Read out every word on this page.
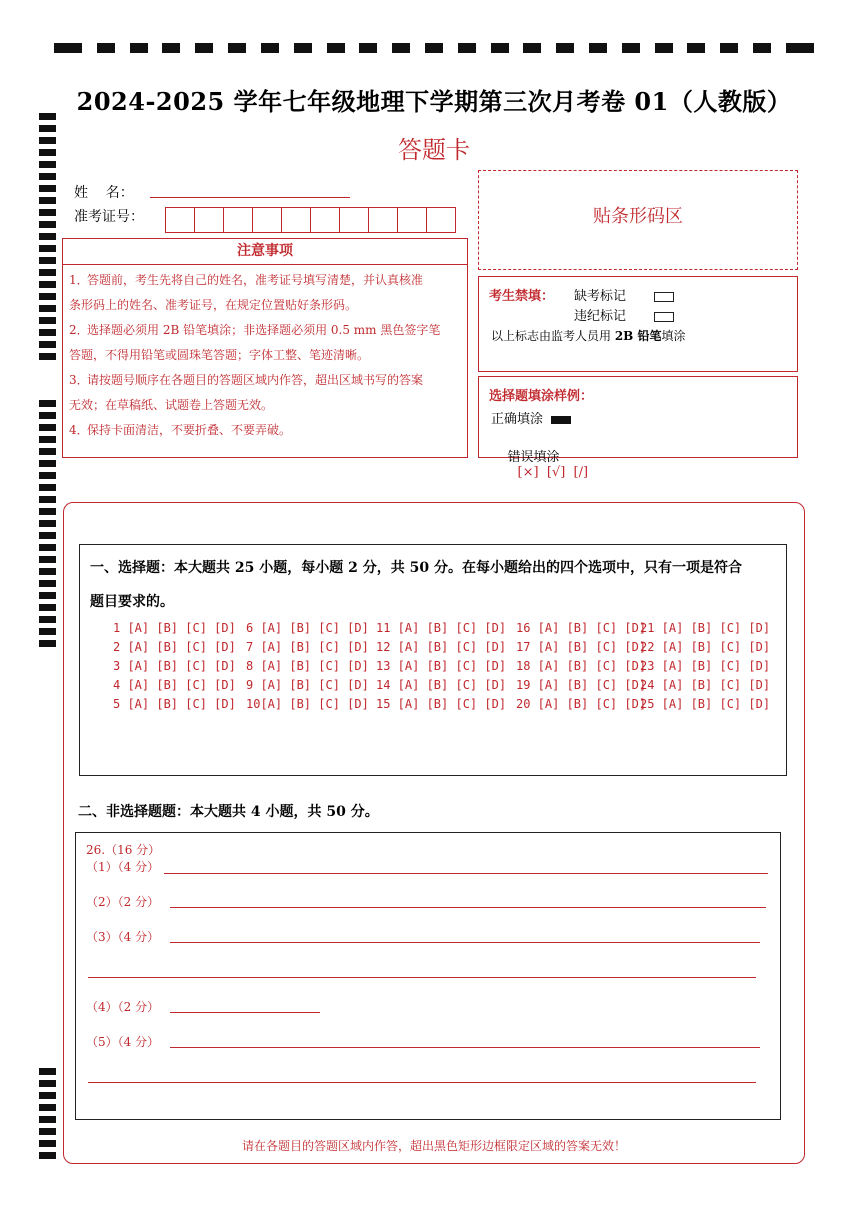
2024-2025 学年七年级地理下学期第三次月考卷 01（人教版）
答题卡
姓    名：
准考证号：
注意事项
1．答题前，考生先将自己的姓名，准考证号填写清楚，并认真核准
条形码上的姓名、准考证号，在规定位置贴好条形码。
2．选择题必须用 2B 铅笔填涂；非选择题必须用 0.5 mm 黑色签字笔
答题，不得用铅笔或圆珠笔答题；字体工整、笔迹清晰。
3．请按题号顺序在各题目的答题区域内作答，超出区域书写的答案
无效；在草稿纸、试题卷上答题无效。
4．保持卡面清洁，不要折叠、不要弄破。
贴条形码区
考生禁填： 缺考标记
违纪标记
以上标志由监考人员用 2B 铅笔填涂
选择题填涂样例：
正确填涂

错误填涂
[×]  [√]  [/]

一、选择题：本大题共 25 小题，每小题 2 分，共 50 分。在每小题给出的四个选项中，只有一项是符合
题目要求的。
1 [A] [B] [C] [D]
2 [A] [B] [C] [D]
3 [A] [B] [C] [D]
4 [A] [B] [C] [D]
5 [A] [B] [C] [D]
6 [A] [B] [C] [D]
7 [A] [B] [C] [D]
8 [A] [B] [C] [D]
9 [A] [B] [C] [D]
10[A] [B] [C] [D]
11 [A] [B] [C] [D]
12 [A] [B] [C] [D]
13 [A] [B] [C] [D]
14 [A] [B] [C] [D]
15 [A] [B] [C] [D]
16 [A] [B] [C] [D]
17 [A] [B] [C] [D]
18 [A] [B] [C] [D]
19 [A] [B] [C] [D]
20 [A] [B] [C] [D]
21 [A] [B] [C] [D]
22 [A] [B] [C] [D]
23 [A] [B] [C] [D]
24 [A] [B] [C] [D]
25 [A] [B] [C] [D]
二、非选择题题：本大题共 4 小题，共 50 分。
26.（16 分）
（1）（4 分）
（2）（2 分）
（3）（4 分）
（4）（2 分）
（5）（4 分）
请在各题目的答题区域内作答，超出黑色矩形边框限定区域的答案无效！
